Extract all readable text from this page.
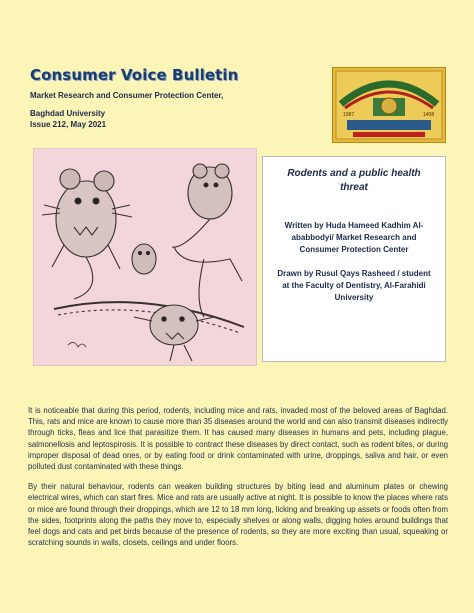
Consumer Voice Bulletin
Market Research and Consumer Protection Center,
Baghdad University
Issue 212, May 2021
1987	1408
Rodents and a public health threat
Written by Huda Hameed Kadhim Al-ababbodyi/ Market Research and Consumer Protection Center
Drawn by Rusul Qays Rasheed / student at the Faculty of Dentistry, Al-Farahidi University

It is noticeable that during this period, rodents, including mice and rats, invaded most of the beloved areas of Baghdad. This, rats and mice are known to cause more than 35 diseases around the world and can also transmit diseases indirectly through ticks, fleas and lice that parasitize them. It has caused many diseases in humans and pets, including plague, salmonellosis and leptospirosis. It is possible to contract these diseases by direct contact, such as rodent bites, or during improper disposal of dead ones, or by eating food or drink contaminated with urine, droppings, saliva and hair, or even polluted dust contaminated with these things.

By their natural behaviour, rodents can weaken building structures by biting lead and aluminum plates or chewing electrical wires, which can start fires. Mice and rats are usually active at night. It is possible to know the places where rats or mice are found through their droppings, which are 12 to 18 mm long, licking and breaking up assets or foods often from the sides, footprints along the paths they move to, especially shelves or along walls, digging holes around buildings that feel dogs and cats and pet birds because of the presence of rodents, so they are more exciting than usual, squeaking or scratching sounds in walls, closets, ceilings and under floors.
